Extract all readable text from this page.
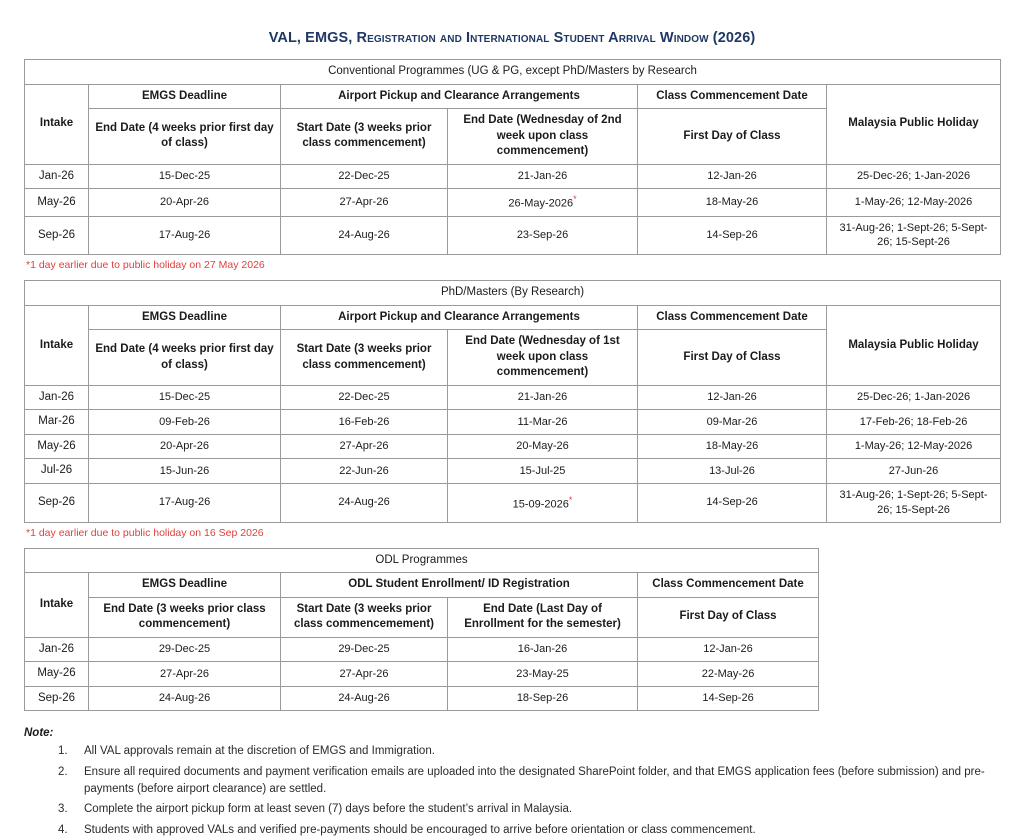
VAL, EMGS, Registration and International Student Arrival Window (2026)
Conventional Programmes (UG & PG, except PhD/Masters by Research					
Intake	EMGS Deadline	Airport Pickup and Clearance Arrangements		Class Commencement Date	Malaysia Public Holiday
	End Date (4 weeks prior first day of class)	Start Date (3 weeks prior class commencement)	End Date (Wednesday of 2nd week upon class commencement)	First Day of Class	
Jan-26	15-Dec-25	22-Dec-25	21-Jan-26	12-Jan-26	25-Dec-26; 1-Jan-2026
May-26	20-Apr-26	27-Apr-26	26-May-2026*	18-May-26	1-May-26; 12-May-2026
Sep-26	17-Aug-26	24-Aug-26	23-Sep-26	14-Sep-26	31-Aug-26; 1-Sept-26; 5-Sept-26; 15-Sept-26
*1 day earlier due to public holiday on 27 May 2026
PhD/Masters (By Research)					
Intake	EMGS Deadline	Airport Pickup and Clearance Arrangements		Class Commencement Date	Malaysia Public Holiday
	End Date (4 weeks prior first day of class)	Start Date (3 weeks prior class commencement)	End Date (Wednesday of 1st week upon class commencement)	First Day of Class	
Jan-26	15-Dec-25	22-Dec-25	21-Jan-26	12-Jan-26	25-Dec-26; 1-Jan-2026
Mar-26	09-Feb-26	16-Feb-26	11-Mar-26	09-Mar-26	17-Feb-26; 18-Feb-26
May-26	20-Apr-26	27-Apr-26	20-May-26	18-May-26	1-May-26; 12-May-2026
Jul-26	15-Jun-26	22-Jun-26	15-Jul-25	13-Jul-26	27-Jun-26
Sep-26	17-Aug-26	24-Aug-26	15-09-2026*	14-Sep-26	31-Aug-26; 1-Sept-26; 5-Sept-26; 15-Sept-26
*1 day earlier due to public holiday on 16 Sep 2026
ODL Programmes				
Intake	EMGS Deadline	ODL Student Enrollment/ ID Registration		Class Commencement Date
	End Date (3 weeks prior class commencement)	Start Date (3 weeks prior class commencemement)	End Date (Last Day of Enrollment for the semester)	First Day of Class
Jan-26	29-Dec-25	29-Dec-25	16-Jan-26	12-Jan-26
May-26	27-Apr-26	27-Apr-26	23-May-25	22-May-26
Sep-26	24-Aug-26	24-Aug-26	18-Sep-26	14-Sep-26
Note:
All VAL approvals remain at the discretion of EMGS and Immigration.
Ensure all required documents and payment verification emails are uploaded into the designated SharePoint folder, and that EMGS application fees (before submission) and pre-payments (before airport clearance) are settled.
Complete the airport pickup form at least seven (7) days before the student’s arrival in Malaysia.
Students with approved VALs and verified pre-payments should be encouraged to arrive before orientation or class commencement.
